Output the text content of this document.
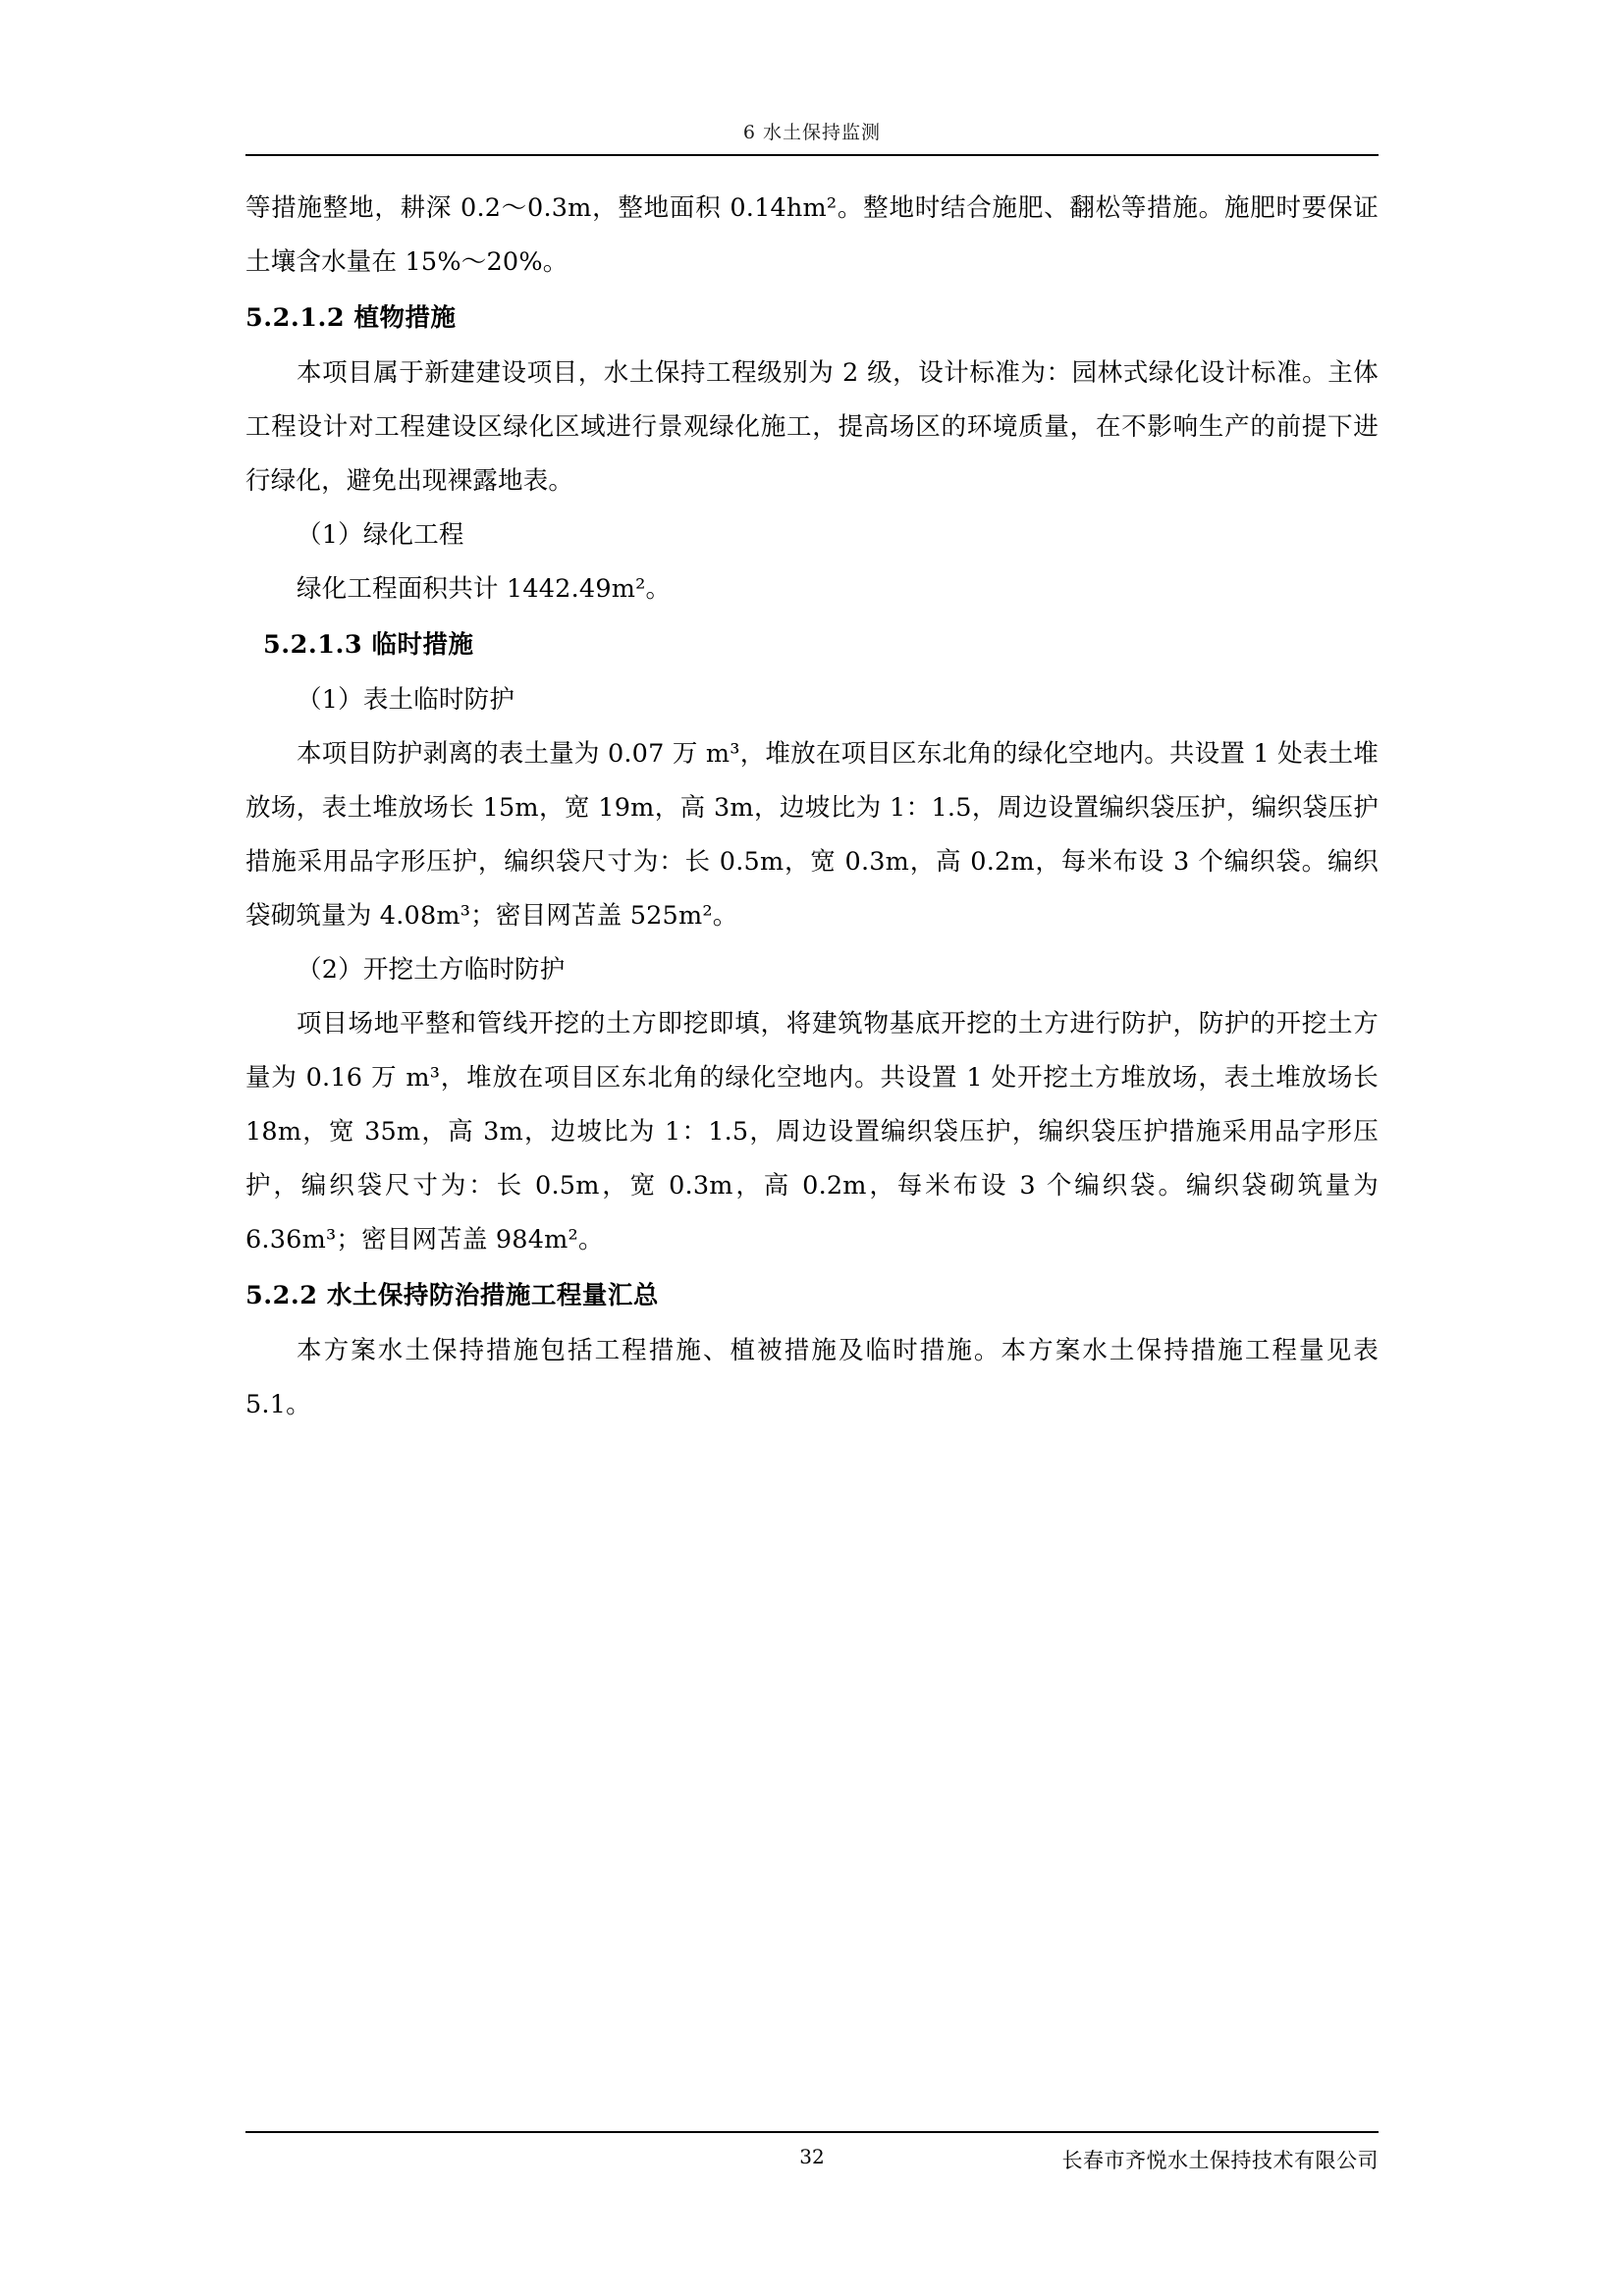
6 水土保持监测

等措施整地，耕深 0.2～0.3m，整地面积 0.14hm²。整地时结合施肥、翻松等措施。施肥时要保证土壤含水量在 15%～20%。

5.2.1.2 植物措施

本项目属于新建建设项目，水土保持工程级别为 2 级，设计标准为：园林式绿化设计标准。主体工程设计对工程建设区绿化区域进行景观绿化施工，提高场区的环境质量，在不影响生产的前提下进行绿化，避免出现裸露地表。

（1）绿化工程

绿化工程面积共计 1442.49m²。

5.2.1.3 临时措施

（1）表土临时防护

本项目防护剥离的表土量为 0.07 万 m³，堆放在项目区东北角的绿化空地内。共设置 1 处表土堆放场，表土堆放场长 15m，宽 19m，高 3m，边坡比为 1：1.5，周边设置编织袋压护，编织袋压护措施采用品字形压护，编织袋尺寸为：长 0.5m，宽 0.3m，高 0.2m，每米布设 3 个编织袋。编织袋砌筑量为 4.08m³；密目网苫盖 525m²。

（2）开挖土方临时防护

项目场地平整和管线开挖的土方即挖即填，将建筑物基底开挖的土方进行防护，防护的开挖土方量为 0.16 万 m³，堆放在项目区东北角的绿化空地内。共设置 1 处开挖土方堆放场，表土堆放场长 18m，宽 35m，高 3m，边坡比为 1：1.5，周边设置编织袋压护，编织袋压护措施采用品字形压护，编织袋尺寸为：长 0.5m，宽 0.3m，高 0.2m，每米布设 3 个编织袋。编织袋砌筑量为 6.36m³；密目网苫盖 984m²。

5.2.2 水土保持防治措施工程量汇总

本方案水土保持措施包括工程措施、植被措施及临时措施。本方案水土保持措施工程量见表 5.1。

32	长春市齐悦水土保持技术有限公司
